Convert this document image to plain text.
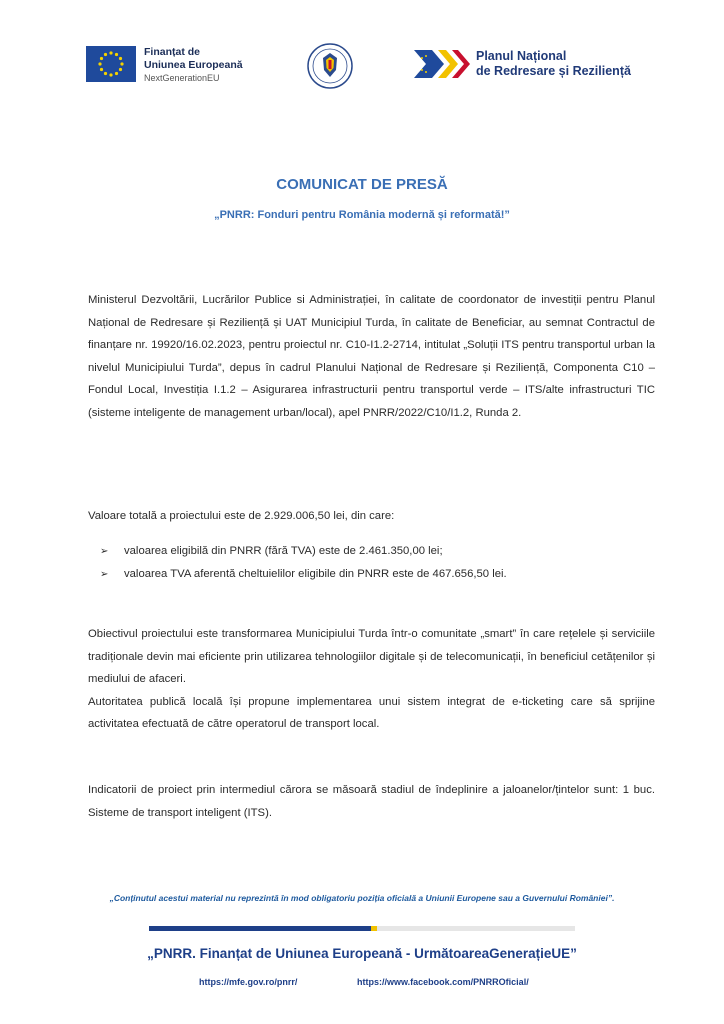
Finanțat de
Uniunea Europeană
NextGenerationEU
Planul Național
de Redresare și Reziliență
COMUNICAT DE PRESĂ
„PNRR: Fonduri pentru România modernă și reformată!”
Ministerul Dezvoltării, Lucrărilor Publice si Administrației, în calitate de coordonator de investiții pentru Planul Național de Redresare și Reziliență și UAT Municipiul Turda, în calitate de Beneficiar, au semnat Contractul de finanțare nr. 19920/16.02.2023, pentru proiectul nr. C10-I1.2-2714, intitulat „Soluții ITS pentru transportul urban la nivelul Municipiului Turda”, depus în cadrul Planului Național de Redresare și Reziliență, Componenta C10 – Fondul Local, Investiția I.1.2 – Asigurarea infrastructurii pentru transportul verde – ITS/alte infrastructuri TIC (sisteme inteligente de management urban/local), apel PNRR/2022/C10/I1.2, Runda 2.
Valoare totală a proiectului este de 2.929.006,50 lei, din care:
➢	valoarea eligibilă din PNRR (fără TVA) este de 2.461.350,00 lei;
➢	valoarea TVA aferentă cheltuielilor eligibile din PNRR este de 467.656,50 lei.
Obiectivul proiectului este transformarea Municipiului Turda într-o comunitate „smart” în care rețelele și serviciile tradiționale devin mai eficiente prin utilizarea tehnologiilor digitale și de telecomunicații, în beneficiul cetățenilor și mediului de afaceri.
Autoritatea publică locală își propune implementarea unui sistem integrat de e-ticketing care să sprijine activitatea efectuată de către operatorul de transport local.
Indicatorii de proiect prin intermediul cărora se măsoară stadiul de îndeplinire a jaloanelor/țintelor sunt: 1 buc. Sisteme de transport inteligent (ITS).
„Conținutul acestui material nu reprezintă în mod obligatoriu poziția oficială a Uniunii Europene sau a Guvernului României”.
„PNRR. Finanțat de Uniunea Europeană - UrmătoareaGenerațieUE”
https://mfe.gov.ro/pnrr/	https://www.facebook.com/PNRROficial/
